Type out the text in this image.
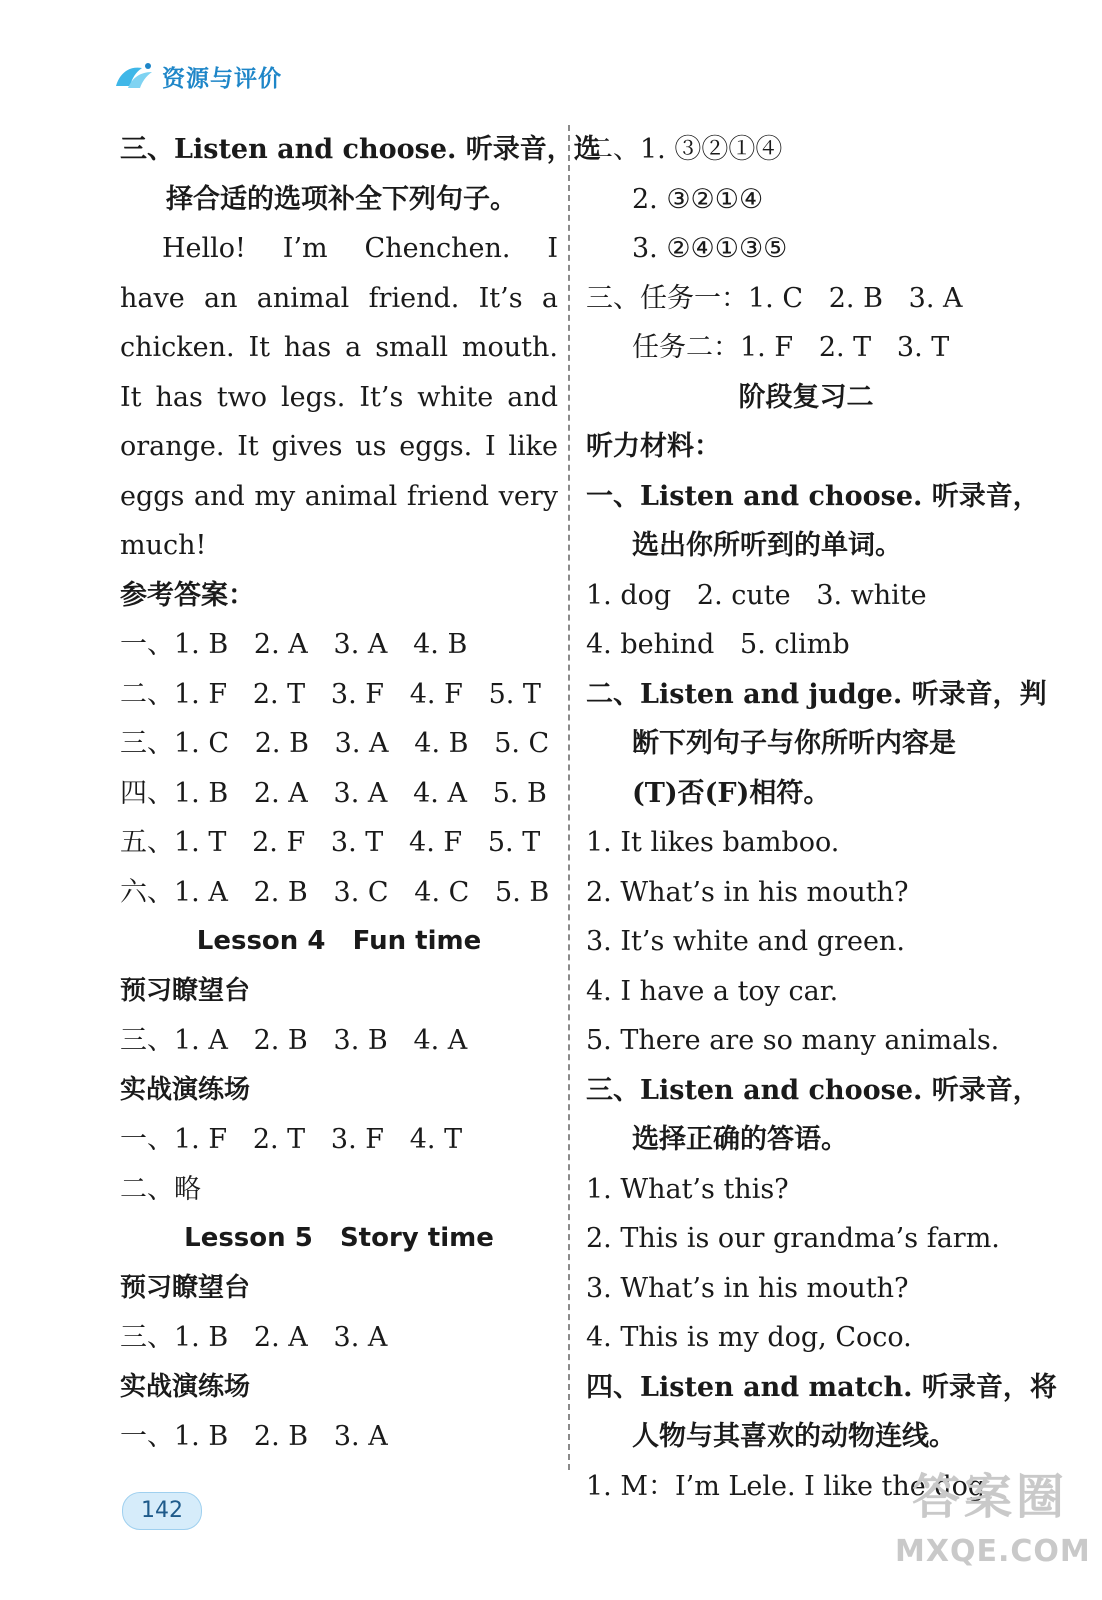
资源与评价
三、Listen and choose. 听录音，选
择合适的选项补全下列句子。
Hello! I’m Chenchen. I
have an animal friend. It’s a
chicken. It has a small mouth.
It has two legs. It’s white and
orange. It gives us eggs. I like
eggs and my animal friend very
much!
参考答案：
一、1. B   2. A   3. A   4. B
二、1. F   2. T   3. F   4. F   5. T
三、1. C   2. B   3. A   4. B   5. C
四、1. B   2. A   3. A   4. A   5. B
五、1. T   2. F   3. T   4. F   5. T
六、1. A   2. B   3. C   4. C   5. B
Lesson 4   Fun time
预习瞭望台
三、1. A   2. B   3. B   4. A
实战演练场
一、1. F   2. T   3. F   4. T
二、略
Lesson 5   Story time
预习瞭望台
三、1. B   2. A   3. A
实战演练场
一、1. B   2. B   3. A
二、1. ③②①④
2. ③②①④
3. ②④①③⑤
三、任务一：1. C   2. B   3. A
任务二：1. F   2. T   3. T
阶段复习二
听力材料：
一、Listen and choose. 听录音，
选出你所听到的单词。
1. dog   2. cute   3. white
4. behind   5. climb
二、Listen and judge. 听录音，判
断下列句子与你所听内容是
(T)否(F)相符。
1. It likes bamboo.
2. What’s in his mouth?
3. It’s white and green.
4. I have a toy car.
5. There are so many animals.
三、Listen and choose. 听录音，
选择正确的答语。
1. What’s this?
2. This is our grandma’s farm.
3. What’s in his mouth?
4. This is my dog, Coco.
四、Listen and match. 听录音，将
人物与其喜欢的动物连线。
1. M：I’m Lele. I like the dog.
142	答案圈
MXQE.COM
